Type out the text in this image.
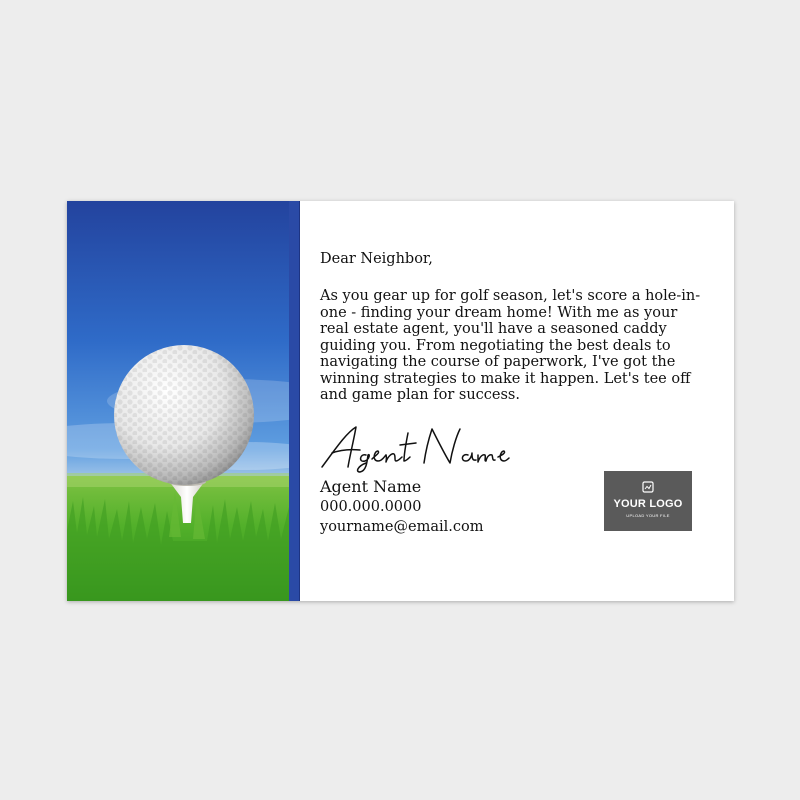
Dear Neighbor,

As you gear up for golf season, let's score a hole-in-one - finding your dream home! With me as your real estate agent, you'll have a seasoned caddy guiding you. From negotiating the best deals to navigating the course of paperwork, I've got the winning strategies to make it happen. Let's tee off and game plan for success.

Agent Name

000.000.0000

yourname@email.com

YOUR LOGO
UPLOAD YOUR FILE
